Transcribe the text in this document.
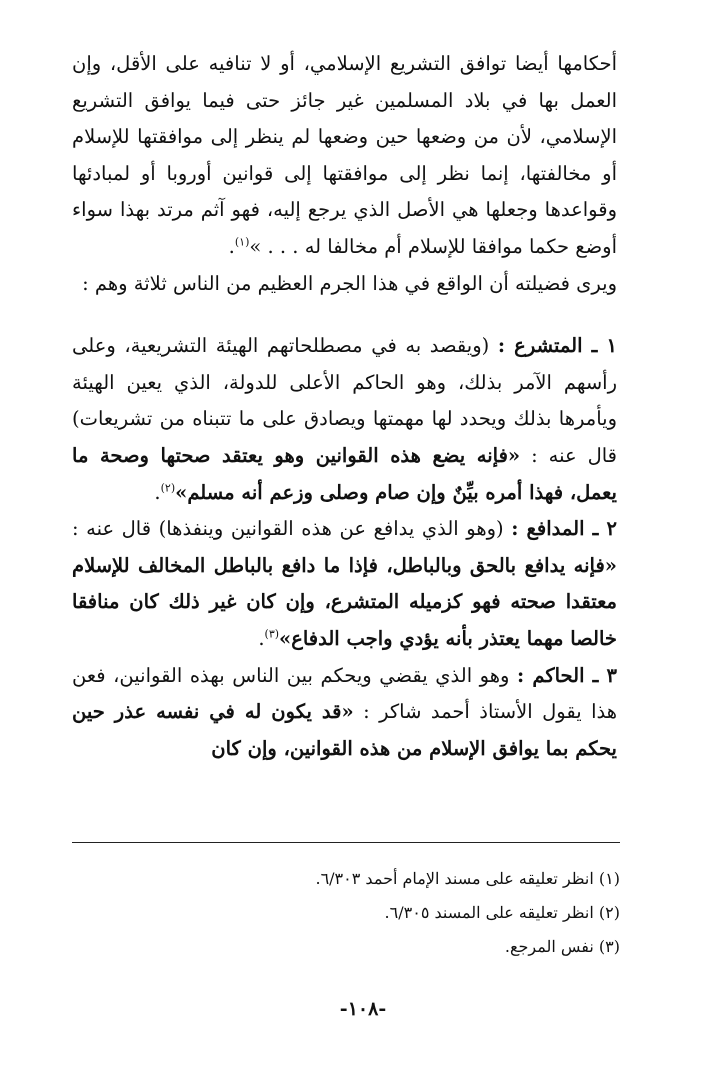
أحكامها أيضا توافق التشريع الإسلامي، أو لا تنافيه على الأقل، وإن العمل بها في بلاد المسلمين غير جائز حتى فيما يوافق التشريع الإسلامي، لأن من وضعها حين وضعها لم ينظر إلى موافقتها للإسلام أو مخالفتها، إنما نظر إلى موافقتها إلى قوانين أوروبا أو لمبادئها وقواعدها وجعلها هي الأصل الذي يرجع إليه، فهو آثم مرتد بهذا سواء أوضع حكما موافقا للإسلام أم مخالفا له . . . »$^{(١)}$.

ويرى فضيلته أن الواقع في هذا الجرم العظيم من الناس ثلاثة وهم :

١ ـ المتشرع : (ويقصد به في مصطلحاتهم الهيئة التشريعية، وعلى رأسهم الآمر بذلك، وهو الحاكم الأعلى للدولة، الذي يعين الهيئة ويأمرها بذلك ويحدد لها مهمتها ويصادق على ما تتبناه من تشريعات) قال عنه : «فإنه يضع هذه القوانين وهو يعتقد صحتها وصحة ما يعمل، فهذا أمره بيِّنٌ وإن صام وصلى وزعم أنه مسلم»$^{(٢)}$.

٢ ـ المدافع : (وهو الذي يدافع عن هذه القوانين وينفذها) قال عنه : «فإنه يدافع بالحق وبالباطل، فإذا ما دافع بالباطل المخالف للإسلام معتقدا صحته فهو كزميله المتشرع، وإن كان غير ذلك كان منافقا خالصا مهما يعتذر بأنه يؤدي واجب الدفاع»$^{(٣)}$.

٣ ـ الحاكم : وهو الذي يقضي ويحكم بين الناس بهذه القوانين، فعن هذا يقول الأستاذ أحمد شاكر : «قد يكون له في نفسه عذر حين يحكم بما يوافق الإسلام من هذه القوانين، وإن كان

(١) انظر تعليقه على مسند الإمام أحمد ٦/٣٠٣.

(٢) انظر تعليقه على المسند ٦/٣٠٥.

(٣) نفس المرجع.

-١٠٨-
